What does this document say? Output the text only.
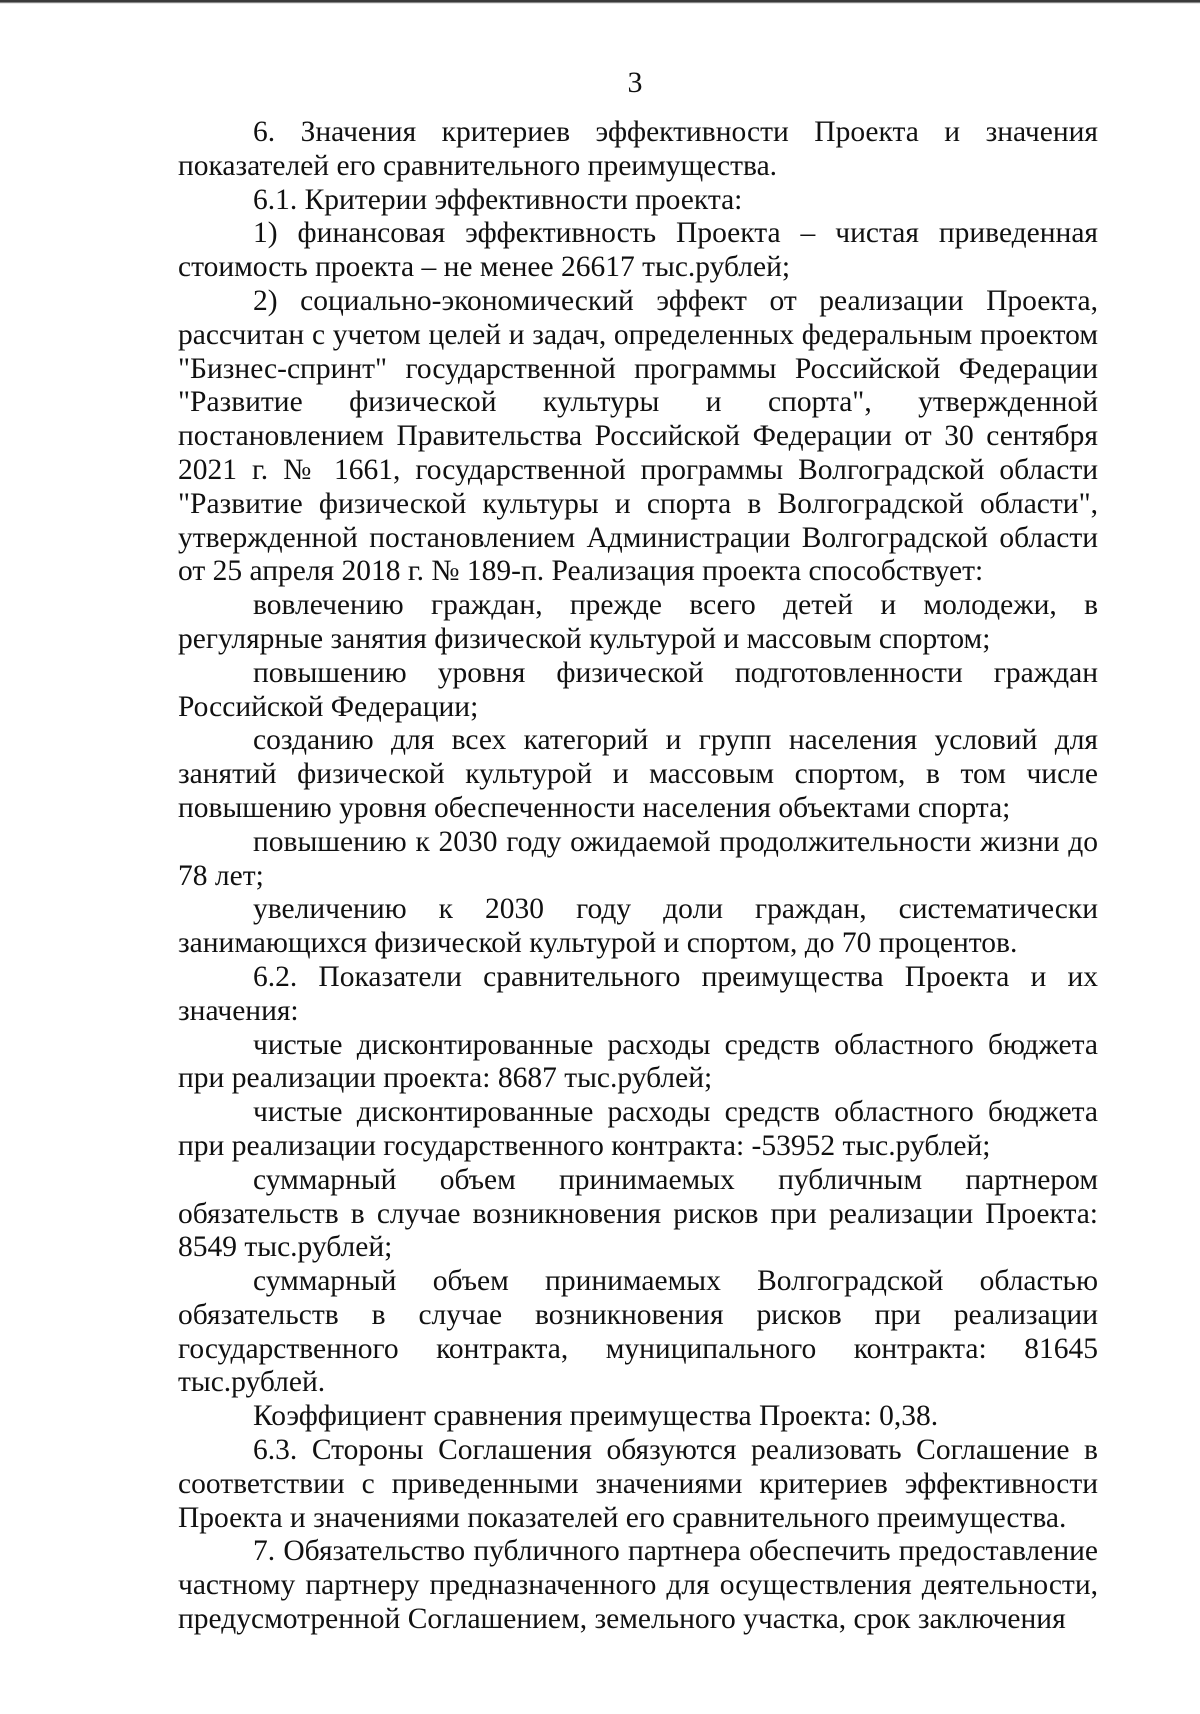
3

6. Значения критериев эффективности Проекта и значения показателей его сравнительного преимущества.

6.1. Критерии эффективности проекта:

1) финансовая эффективность Проекта – чистая приведенная стоимость проекта – не менее 26617 тыс.рублей;

2) социально-экономический эффект от реализации Проекта, рассчитан с учетом целей и задач, определенных федеральным проектом "Бизнес-спринт" государственной программы Российской Федерации "Развитие физической культуры и спорта", утвержденной постановлением Правительства Российской Федерации от 30 сентября 2021 г. № 1661, государственной программы Волгоградской области "Развитие физической культуры и спорта в Волгоградской области", утвержденной постановлением Администрации Волгоградской области от 25 апреля 2018 г. № 189-п. Реализация проекта способствует:

вовлечению граждан, прежде всего детей и молодежи, в регулярные занятия физической культурой и массовым спортом;

повышению уровня физической подготовленности граждан Российской Федерации;

созданию для всех категорий и групп населения условий для занятий физической культурой и массовым спортом, в том числе повышению уровня обеспеченности населения объектами спорта;

повышению к 2030 году ожидаемой продолжительности жизни до 78 лет;

увеличению к 2030 году доли граждан, систематически занимающихся физической культурой и спортом, до 70 процентов.

6.2. Показатели сравнительного преимущества Проекта и их значения:

чистые дисконтированные расходы средств областного бюджета при реализации проекта: 8687 тыс.рублей;

чистые дисконтированные расходы средств областного бюджета при реализации государственного контракта: -53952 тыс.рублей;

суммарный объем принимаемых публичным партнером обязательств в случае возникновения рисков при реализации Проекта: 8549 тыс.рублей;

суммарный объем принимаемых Волгоградской областью обязательств в случае возникновения рисков при реализации государственного контракта, муниципального контракта: 81645 тыс.рублей.

Коэффициент сравнения преимущества Проекта: 0,38.

6.3. Стороны Соглашения обязуются реализовать Соглашение в соответствии с приведенными значениями критериев эффективности Проекта и значениями показателей его сравнительного преимущества.

7. Обязательство публичного партнера обеспечить предоставление частному партнеру предназначенного для осуществления деятельности, предусмотренной Соглашением, земельного участка, срок заключения
